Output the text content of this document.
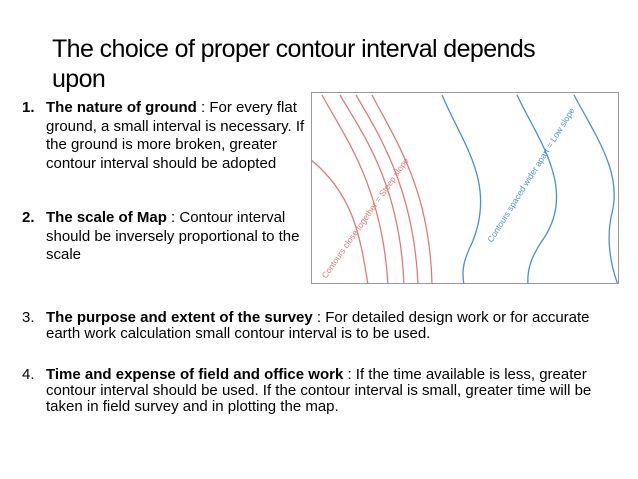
The choice of proper contour interval depends upon
1. The nature of ground : For every flat ground, a small interval is necessary. If the ground is more broken, greater contour interval should be adopted
2. The scale of Map : Contour interval should be inversely proportional to the scale	Contours close together = Steep slope	Contours spaced wider apart = Low slope
3. The purpose and extent of the survey : For detailed design work or for accurate earth work calculation small contour interval is to be used.
4. Time and expense of field and office work : If the time available is less, greater contour interval should be used. If the contour interval is small, greater time will be taken in field survey and in plotting the map.
